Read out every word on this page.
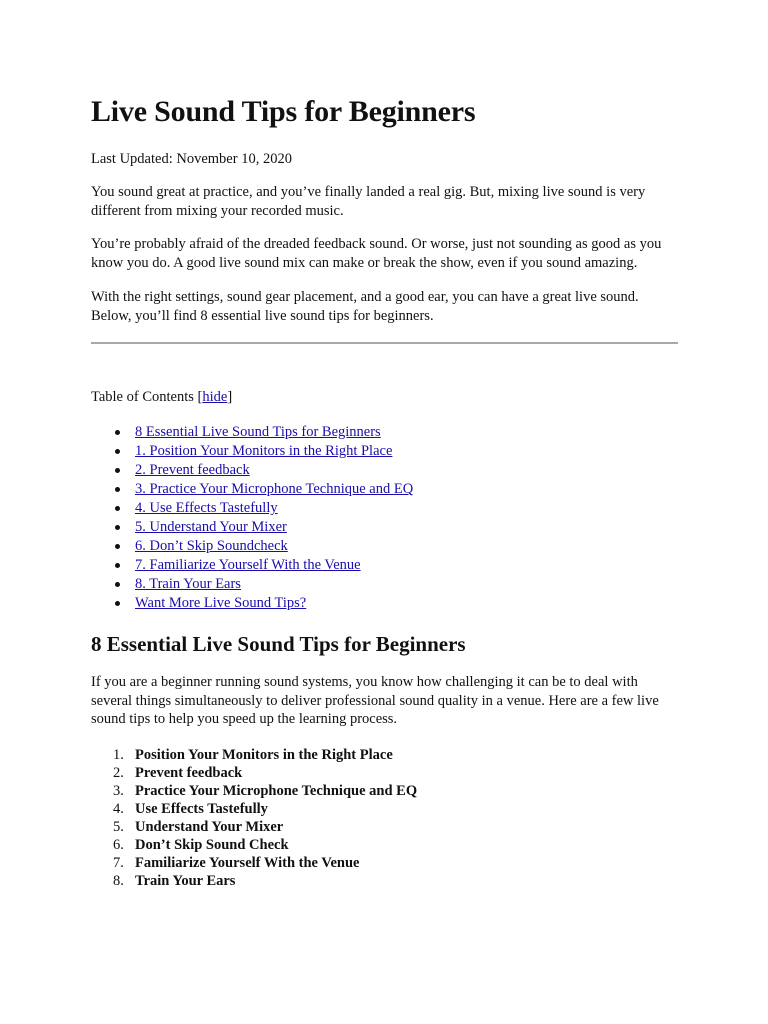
Live Sound Tips for Beginners
Last Updated: November 10, 2020

You sound great at practice, and you’ve finally landed a real gig. But, mixing live sound is very different from mixing your recorded music.

You’re probably afraid of the dreaded feedback sound. Or worse, just not sounding as good as you know you do. A good live sound mix can make or break the show, even if you sound amazing.

With the right settings, sound gear placement, and a good ear, you can have a great live sound. Below, you’ll find 8 essential live sound tips for beginners.

Table of Contents [hide]
8 Essential Live Sound Tips for Beginners
1. Position Your Monitors in the Right Place
2. Prevent feedback
3. Practice Your Microphone Technique and EQ
4. Use Effects Tastefully
5. Understand Your Mixer
6. Don’t Skip Soundcheck
7. Familiarize Yourself With the Venue
8. Train Your Ears
Want More Live Sound Tips?
8 Essential Live Sound Tips for Beginners

If you are a beginner running sound systems, you know how challenging it can be to deal with several things simultaneously to deliver professional sound quality in a venue. Here are a few live sound tips to help you speed up the learning process.

1. Position Your Monitors in the Right Place
2. Prevent feedback
3. Practice Your Microphone Technique and EQ
4. Use Effects Tastefully
5. Understand Your Mixer
6. Don’t Skip Sound Check
7. Familiarize Yourself With the Venue
8. Train Your Ears
